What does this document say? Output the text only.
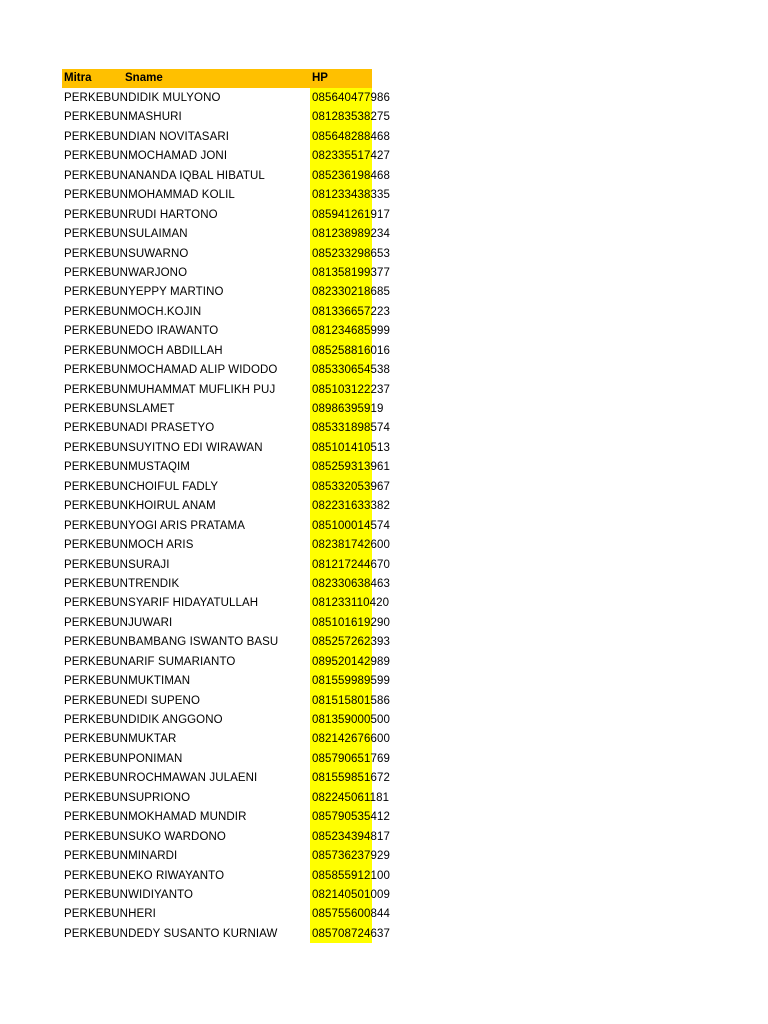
Mitra	Sname	HP
PERKEBUNDIDIK MULYONO	085640477986
PERKEBUNMASHURI	081283538275
PERKEBUNDIAN NOVITASARI	085648288468
PERKEBUNMOCHAMAD JONI	082335517427
PERKEBUNANANDA IQBAL HIBATUL	085236198468
PERKEBUNMOHAMMAD KOLIL	081233438335
PERKEBUNRUDI HARTONO	085941261917
PERKEBUNSULAIMAN	081238989234
PERKEBUNSUWARNO	085233298653
PERKEBUNWARJONO	081358199377
PERKEBUNYEPPY MARTINO	082330218685
PERKEBUNMOCH.KOJIN	081336657223
PERKEBUNEDO IRAWANTO	081234685999
PERKEBUNMOCH ABDILLAH	085258816016
PERKEBUNMOCHAMAD ALIP WIDODO	085330654538
PERKEBUNMUHAMMAT MUFLIKH PUJ	085103122237
PERKEBUNSLAMET	08986395919
PERKEBUNADI PRASETYO	085331898574
PERKEBUNSUYITNO EDI WIRAWAN	085101410513
PERKEBUNMUSTAQIM	085259313961
PERKEBUNCHOIFUL FADLY	085332053967
PERKEBUNKHOIRUL ANAM	082231633382
PERKEBUNYOGI ARIS PRATAMA	085100014574
PERKEBUNMOCH ARIS	082381742600
PERKEBUNSURAJI	081217244670
PERKEBUNTRENDIK	082330638463
PERKEBUNSYARIF HIDAYATULLAH	081233110420
PERKEBUNJUWARI	085101619290
PERKEBUNBAMBANG ISWANTO BASU	085257262393
PERKEBUNARIF SUMARIANTO	089520142989
PERKEBUNMUKTIMAN	081559989599
PERKEBUNEDI SUPENO	081515801586
PERKEBUNDIDIK ANGGONO	081359000500
PERKEBUNMUKTAR	082142676600
PERKEBUNPONIMAN	085790651769
PERKEBUNROCHMAWAN JULAENI	081559851672
PERKEBUNSUPRIONO	082245061181
PERKEBUNMOKHAMAD MUNDIR	085790535412
PERKEBUNSUKO WARDONO	085234394817
PERKEBUNMINARDI	085736237929
PERKEBUNEKO RIWAYANTO	085855912100
PERKEBUNWIDIYANTO	082140501009
PERKEBUNHERI	085755600844
PERKEBUNDEDY SUSANTO KURNIAW	085708724637
